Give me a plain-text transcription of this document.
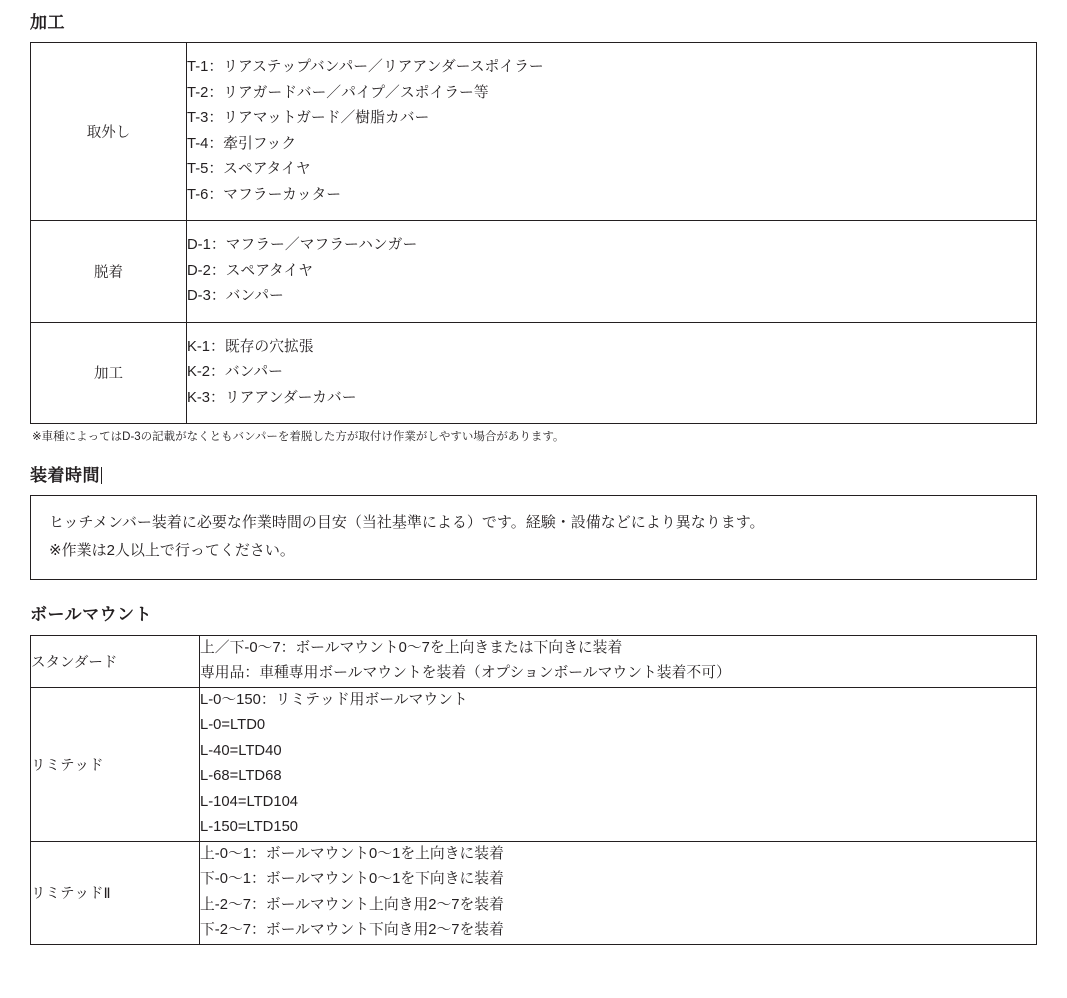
加工
取外し	
T-1：リアステップバンパー／リアアンダースポイラー
T-2：リアガードバー／パイプ／スポイラー等
T-3：リアマットガード／樹脂カバー
T-4：牽引フック
T-5：スペアタイヤ
T-6：マフラーカッター

脱着	D-1：マフラー／マフラーハンガー
D-2：スペアタイヤ
D-3：バンパー

加工	K-1：既存の穴拡張
K-2：バンパー
K-3：リアアンダーカバー

※車種によってはD-3の記載がなくともバンパーを着脱した方が取付け作業がしやすい場合があります。

装着時間
ヒッチメンバー装着に必要な作業時間の目安（当社基準による）です。経験・設備などにより異なります。
※作業は2人以上で行ってください。
ボールマウント
スタンダード	上／下-0〜7：ボールマウント0〜7を上向きまたは下向きに装着
専用品：車種専用ボールマウントを装着（オプションボールマウント装着不可）

リミテッド	
L-0〜150：リミテッド用ボールマウント
L-0=LTD0
L-40=LTD40
L-68=LTD68
L-104=LTD104
L-150=LTD150

リミテッドⅡ	上-0〜1：ボールマウント0〜1を上向きに装着
下-0〜1：ボールマウント0〜1を下向きに装着
上-2〜7：ボールマウント上向き用2〜7を装着
下-2〜7：ボールマウント下向き用2〜7を装着
